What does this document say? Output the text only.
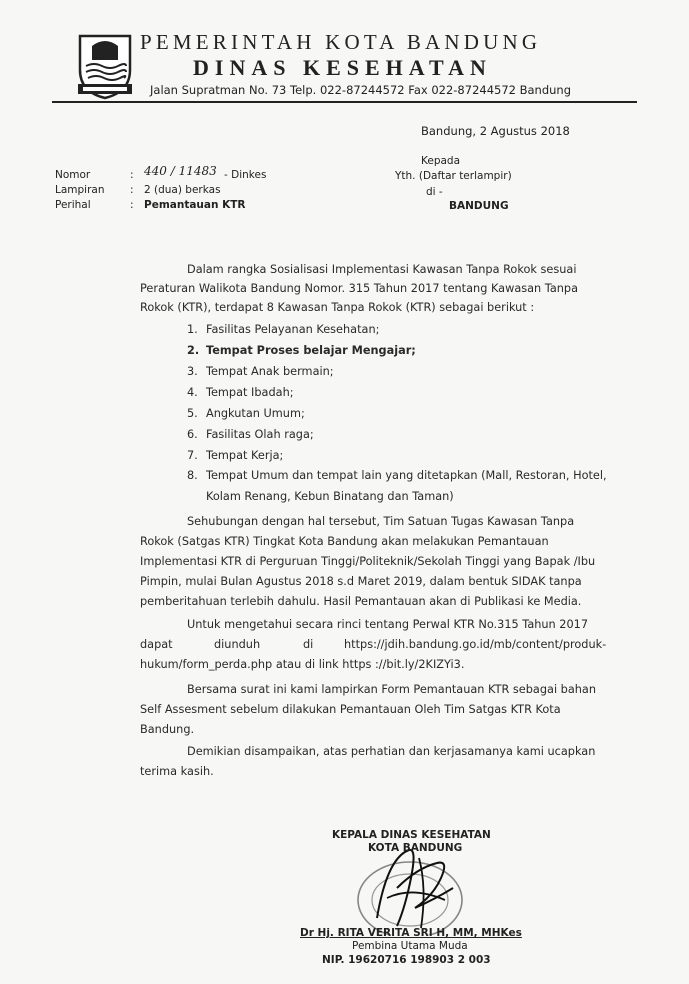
PEMERINTAH KOTA BANDUNG
DINAS KESEHATAN
Jalan Supratman No. 73 Telp. 022-87244572 Fax 022-87244572 Bandung
Bandung, 2 Agustus 2018
Nomor	: 440 / 11483 - Dinkes
Lampiran : 2 (dua) berkas
Perihal	: Pemantauan KTR
Kepada
Yth. (Daftar terlampir)
di -
BANDUNG
Dalam rangka Sosialisasi Implementasi Kawasan Tanpa Rokok sesuai
Peraturan Walikota Bandung Nomor. 315 Tahun 2017 tentang Kawasan Tanpa
Rokok (KTR), terdapat 8 Kawasan Tanpa Rokok (KTR) sebagai berikut :
1. Fasilitas Pelayanan Kesehatan;
2. Tempat Proses belajar Mengajar;
3. Tempat Anak bermain;
4. Tempat Ibadah;
5. Angkutan Umum;
6. Fasilitas Olah raga;
7. Tempat Kerja;
8. Tempat Umum dan tempat lain yang ditetapkan (Mall, Restoran, Hotel,
Kolam Renang, Kebun Binatang dan Taman)
Sehubungan dengan hal tersebut, Tim Satuan Tugas Kawasan Tanpa
Rokok (Satgas KTR) Tingkat Kota Bandung akan melakukan Pemantauan
Implementasi KTR di Perguruan Tinggi/Politeknik/Sekolah Tinggi yang Bapak /Ibu
Pimpin, mulai Bulan Agustus 2018 s.d Maret 2019, dalam bentuk SIDAK tanpa
pemberitahuan terlebih dahulu. Hasil Pemantauan akan di Publikasi ke Media.
Untuk mengetahui secara rinci tentang Perwal KTR No.315 Tahun 2017
dapat	diunduh	di	https://jdih.bandung.go.id/mb/content/produk-
hukum/form_perda.php atau di link https ://bit.ly/2KIZYi3.
Bersama surat ini kami lampirkan Form Pemantauan KTR sebagai bahan
Self Assesment sebelum dilakukan Pemantauan Oleh Tim Satgas KTR Kota
Bandung.
Demikian disampaikan, atas perhatian dan kerjasamanya kami ucapkan
terima kasih.
KEPALA DINAS KESEHATAN
KOTA BANDUNG
Dr Hj. RITA VERITA SRI H, MM, MHKes
Pembina Utama Muda
NIP. 19620716 198903 2 003
